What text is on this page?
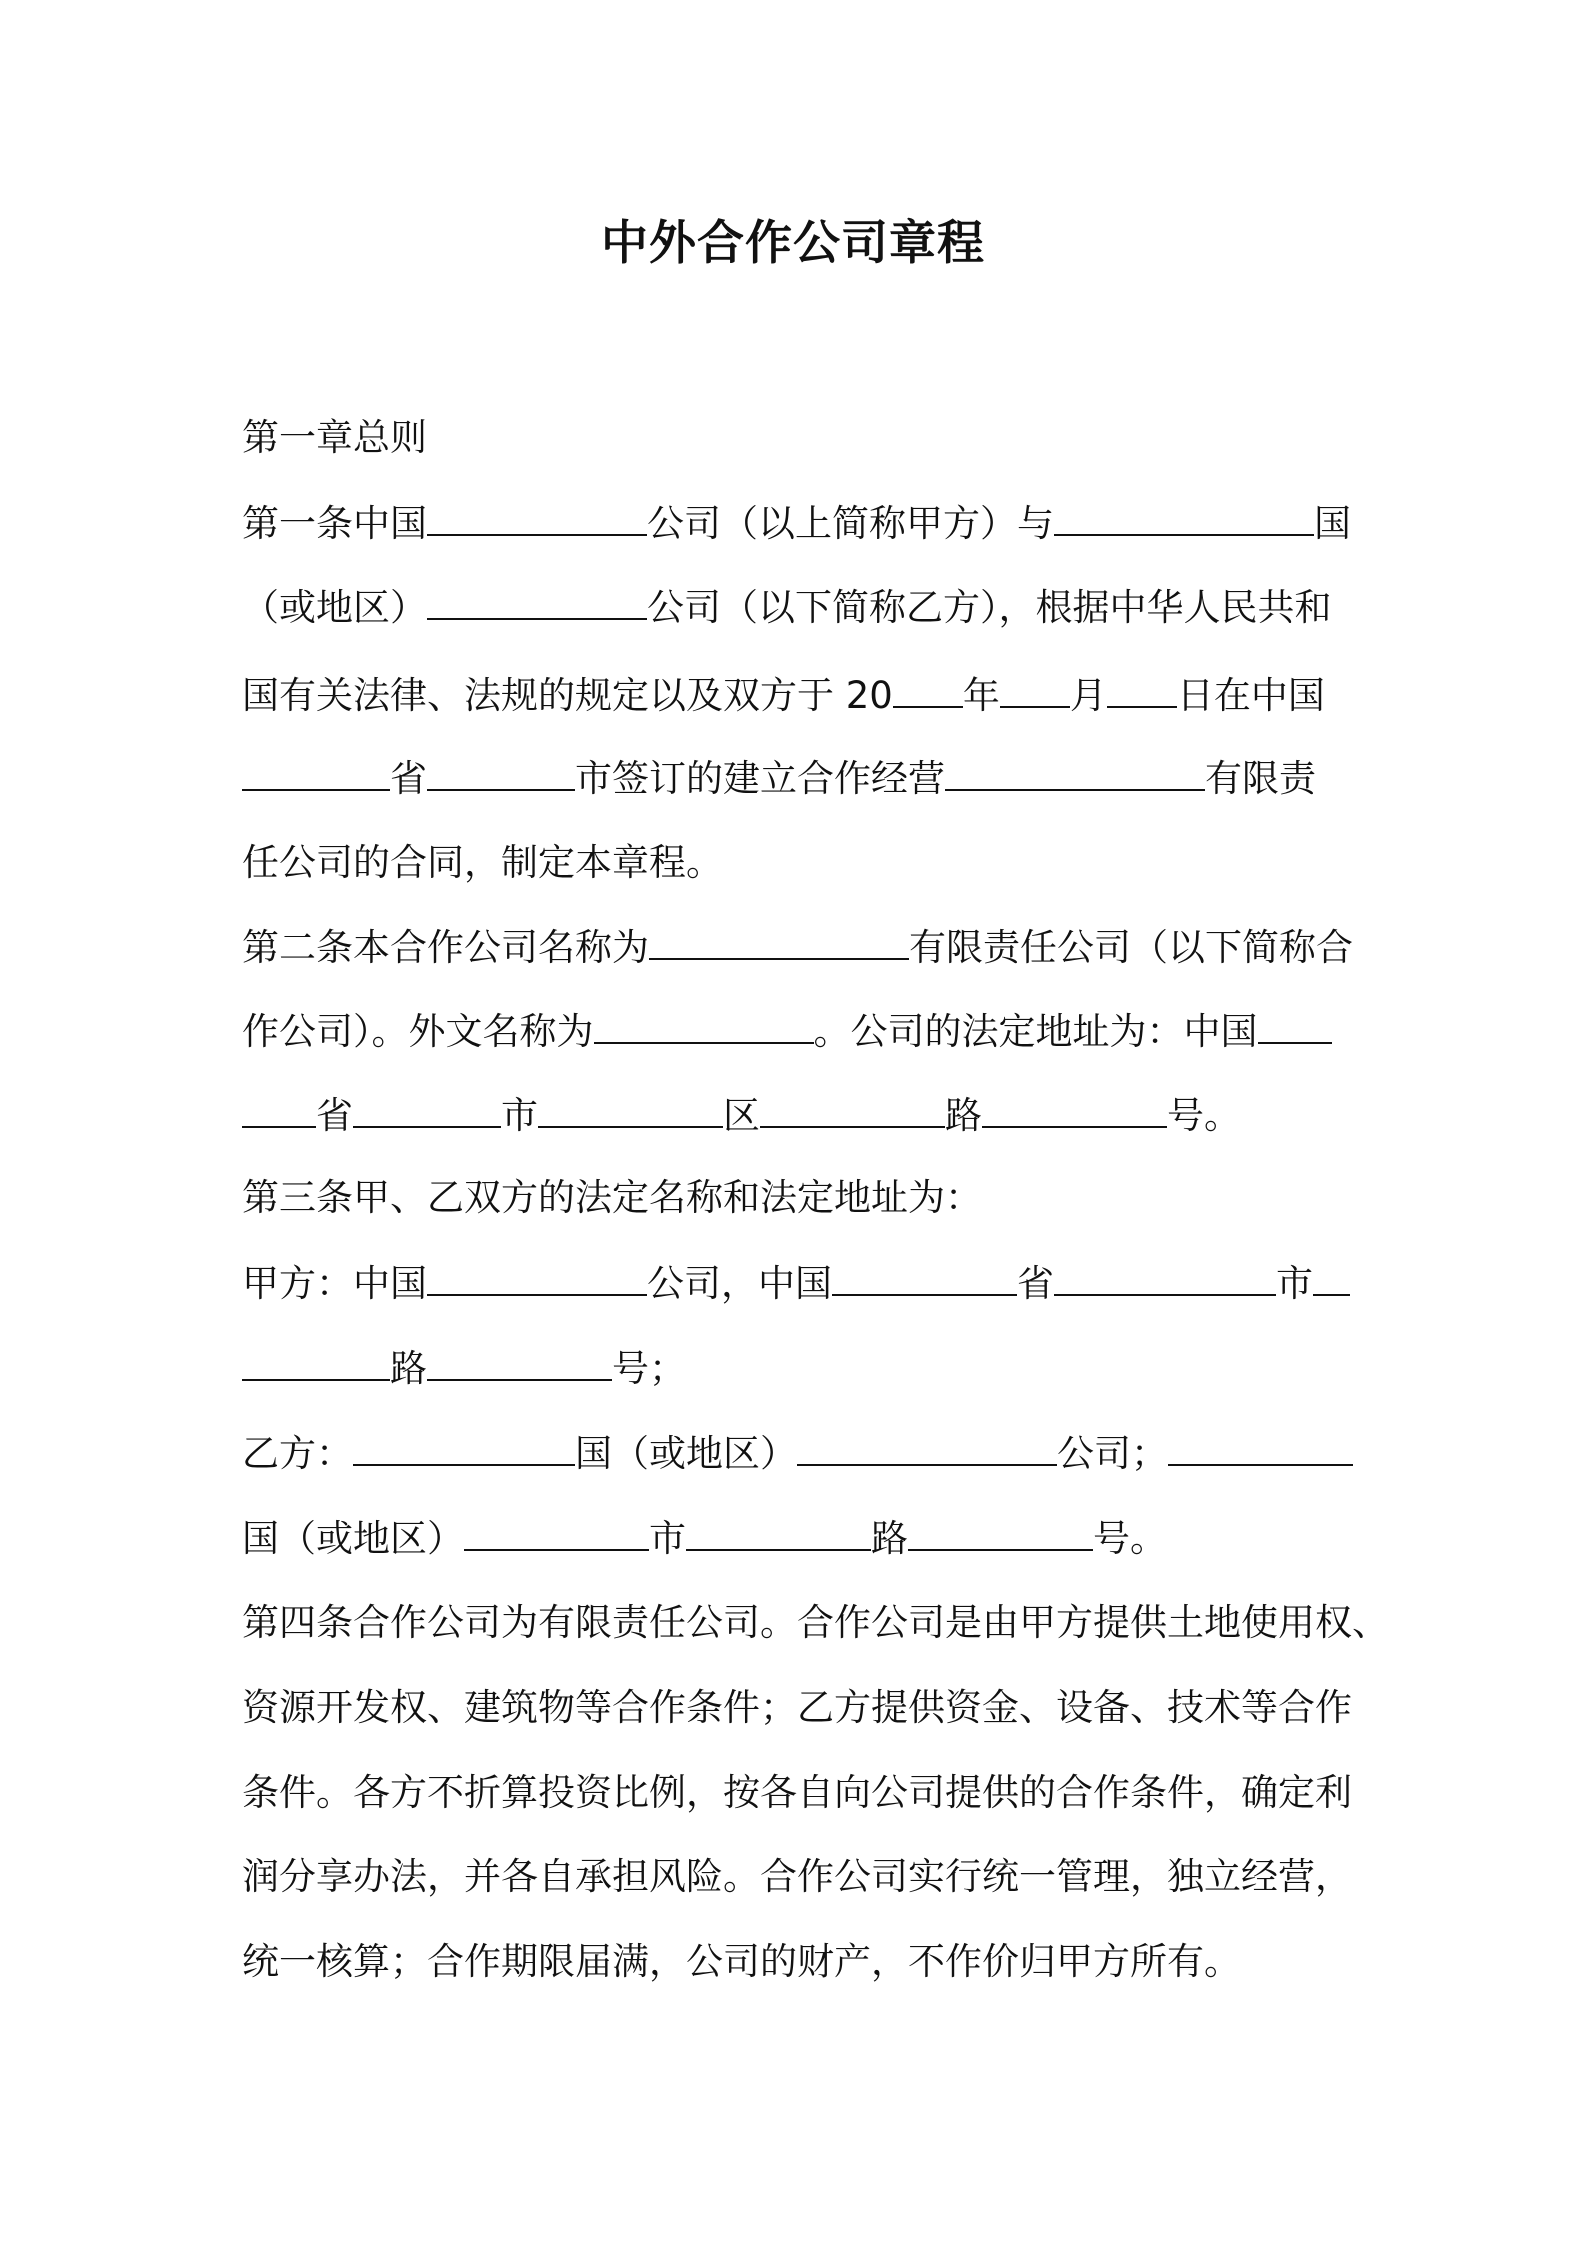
中外合作公司章程
第一章总则
第一条中国	公司（以上简称甲方）与	国
（或地区）	公司（以下简称乙方），根据中华人民共和
国有关法律、法规的规定以及双方于 20 年 月 日在中国
省	市签订的建立合作经营	有限责
任公司的合同，制定本章程。
第二条本合作公司名称为	有限责任公司（以下简称合
作公司）。外文名称为	。公司的法定地址为：中国
省	市	区	路	号。
第三条甲、乙双方的法定名称和法定地址为：
甲方：中国	公司，中国	省	市
路	号；
乙方：	国（或地区）	公司；
国（或地区）	市	路	号。
第四条合作公司为有限责任公司。合作公司是由甲方提供土地使用权、
资源开发权、建筑物等合作条件；乙方提供资金、设备、技术等合作
条件。各方不折算投资比例，按各自向公司提供的合作条件，确定利
润分享办法，并各自承担风险。合作公司实行统一管理，独立经营，
统一核算；合作期限届满，公司的财产，不作价归甲方所有。
